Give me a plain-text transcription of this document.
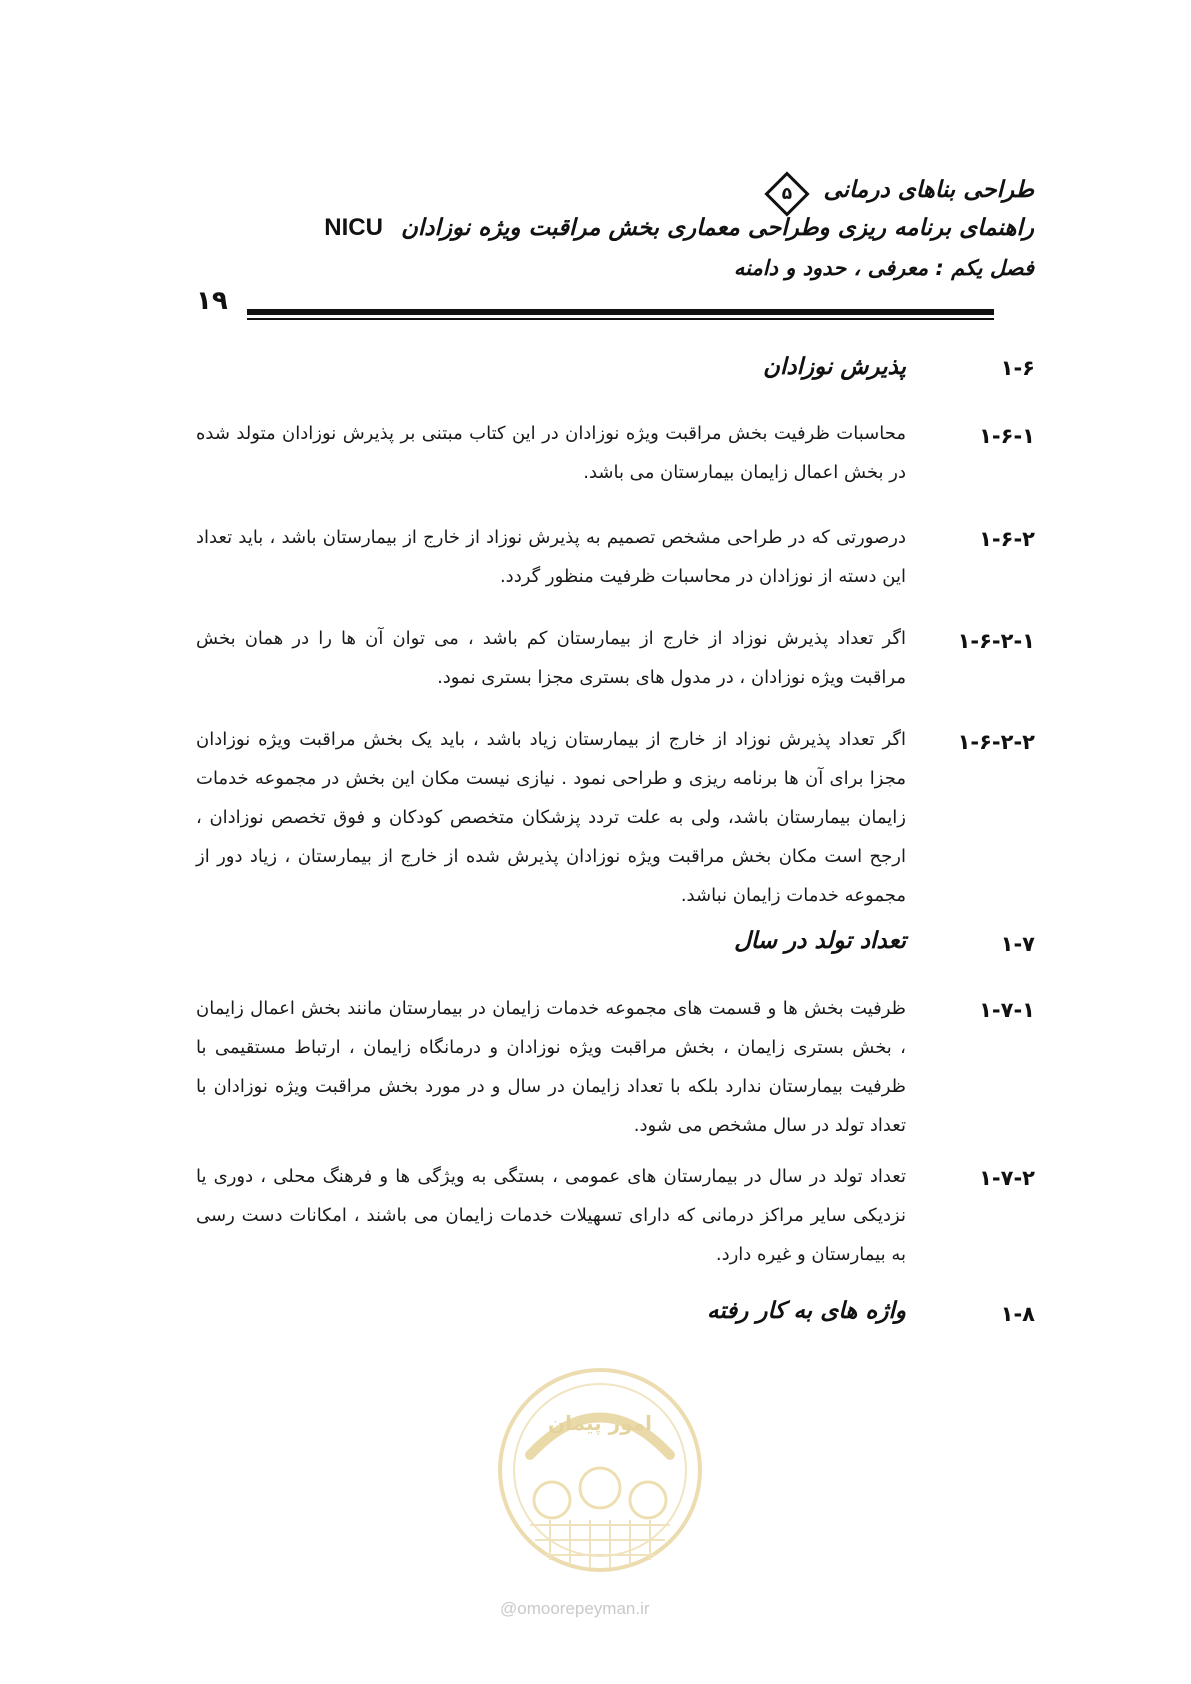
طراحی بناهای درمانی
۵
راهنمای برنامه ریزی وطراحی معماری بخش مراقبت ویژه نوزادان NICU
فصل یکم : معرفی ، حدود و دامنه
۱۹
۱-۶
پذیرش نوزادان
۱-۶-۱
محاسبات ظرفیت بخش مراقبت ویژه نوزادان در این کتاب مبتنی بر پذیرش نوزادان متولد شده در بخش اعمال زایمان بیمارستان می باشد.
۱-۶-۲
درصورتی که در طراحی مشخص تصمیم به پذیرش نوزاد از خارج از بیمارستان باشد ، باید تعداد این دسته از نوزادان در محاسبات ظرفیت منظور گردد.
۱-۶-۲-۱
اگر تعداد پذیرش نوزاد از خارج از بیمارستان کم باشد ، می توان آن ها را در همان بخش مراقبت ویژه نوزادان ، در مدول های بستری مجزا بستری نمود.
۱-۶-۲-۲
اگر تعداد پذیرش نوزاد از خارج از بیمارستان زیاد باشد ، باید یک بخش مراقبت ویژه نوزادان مجزا برای آن ها برنامه ریزی و طراحی نمود . نیازی نیست مکان این بخش در مجموعه خدمات زایمان بیمارستان باشد، ولی به علت تردد پزشکان متخصص کودکان و فوق تخصص نوزادان ، ارجح است مکان بخش مراقبت ویژه نوزادان پذیرش شده از خارج از بیمارستان ، زیاد دور از مجموعه خدمات زایمان نباشد.
۱-۷
تعداد تولد در سال
۱-۷-۱
ظرفیت بخش ها و قسمت های مجموعه خدمات زایمان در بیمارستان مانند بخش اعمال زایمان ، بخش بستری زایمان ، بخش مراقبت ویژه نوزادان و درمانگاه زایمان ، ارتباط مستقیمی با ظرفیت بیمارستان ندارد بلکه با تعداد زایمان در سال و در مورد بخش مراقبت ویژه نوزادان با تعداد تولد در سال مشخص می شود.
۱-۷-۲
تعداد تولد در سال در بیمارستان های عمومی ، بستگی به ویژگی ها و فرهنگ محلی ، دوری یا نزدیکی سایر مراکز درمانی که دارای تسهیلات خدمات زایمان می باشند ، امکانات دست رسی به بیمارستان و غیره دارد.
۱-۸
واژه های به کار رفته
امور پیمان
@omoorepeyman.ir
